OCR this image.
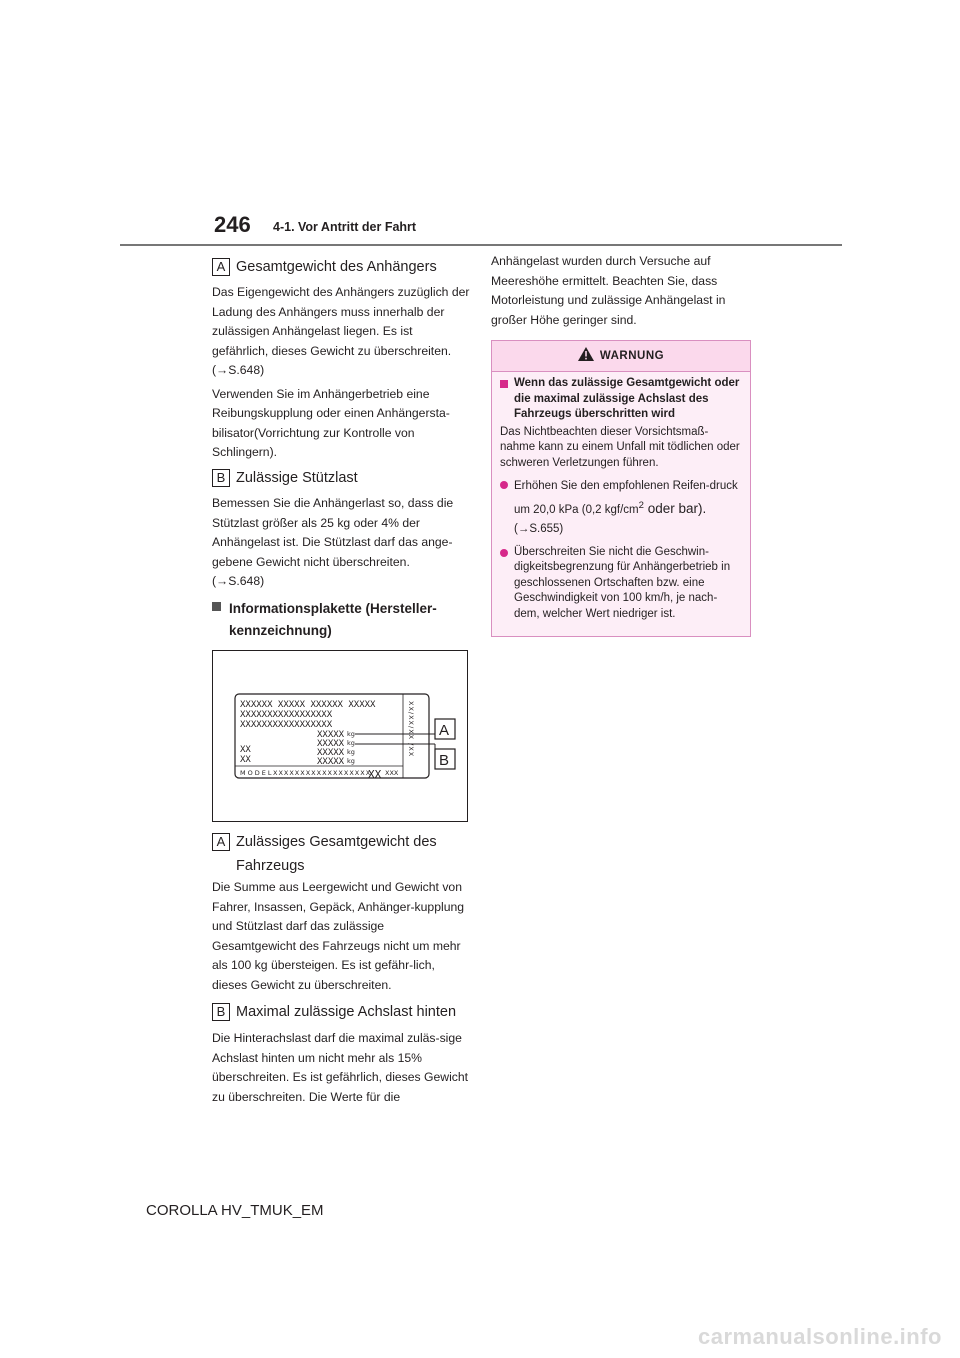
246 4-1. Vor Antritt der Fahrt
A Gesamtgewicht des Anhängers

Das Eigengewicht des Anhängers zuzüglich der Ladung des Anhängers muss innerhalb der zulässigen Anhängelast liegen. Es ist gefährlich, dieses Gewicht zu überschreiten.

(→S.648)

Verwenden Sie im Anhängerbetrieb eine Reibungskupplung oder einen Anhängersta-bilisator(Vorrichtung zur Kontrolle von Schlingern).

B Zulässige Stützlast

Bemessen Sie die Anhängerlast so, dass die Stützlast größer als 25 kg oder 4% der Anhängelast ist. Die Stützlast darf das ange-gebene Gewicht nicht überschreiten.

(→S.648)

Informationsplakette (Hersteller-
kennzeichnung)
XXXXXX XXXXX XXXXXX XXXXX
XXXXXXXXXXXXXXXXX
XXXXXXXXXXXXXXXXX
XXXXX
XXXXX
XXXXX
XXXXX
XX
XX
kg
kg
kg
kg
MODEL XXXXXXXXXXXXXXXXXX XXX
XX/XX/XX /XX
XX
A
B
A Zulässiges Gesamtgewicht des
Fahrzeugs

Die Summe aus Leergewicht und Gewicht von Fahrer, Insassen, Gepäck, Anhänger-kupplung und Stützlast darf das zulässige Gesamtgewicht des Fahrzeugs nicht um mehr als 100 kg übersteigen. Es ist gefähr-lich, dieses Gewicht zu überschreiten.

B Maximal zulässige Achslast hinten

Die Hinterachslast darf die maximal zuläs-sige Achslast hinten um nicht mehr als 15% überschreiten. Es ist gefährlich, dieses Gewicht zu überschreiten. Die Werte für die

Anhängelast wurden durch Versuche auf Meereshöhe ermittelt. Beachten Sie, dass Motorleistung und zulässige Anhängelast in großer Höhe geringer sind.

WARNUNG
Wenn das zulässige Gesamtgewicht oder die maximal zulässige Achslast des Fahrzeugs überschritten wird
Das Nichtbeachten dieser Vorsichtsmaß-nahme kann zu einem Unfall mit tödlichen oder schweren Verletzungen führen.
Erhöhen Sie den empfohlenen Reifen-druck um 20,0 kPa (0,2 kgf/$cm^2$ oder bar). (→S.655)
Überschreiten Sie nicht die Geschwin-digkeitsbegrenzung für Anhängerbetrieb in geschlossenen Ortschaften bzw. eine Geschwindigkeit von 100 km/h, je nach-dem, welcher Wert niedriger ist.
COROLLA HV_TMUK_EM
carmanualsonline.info
